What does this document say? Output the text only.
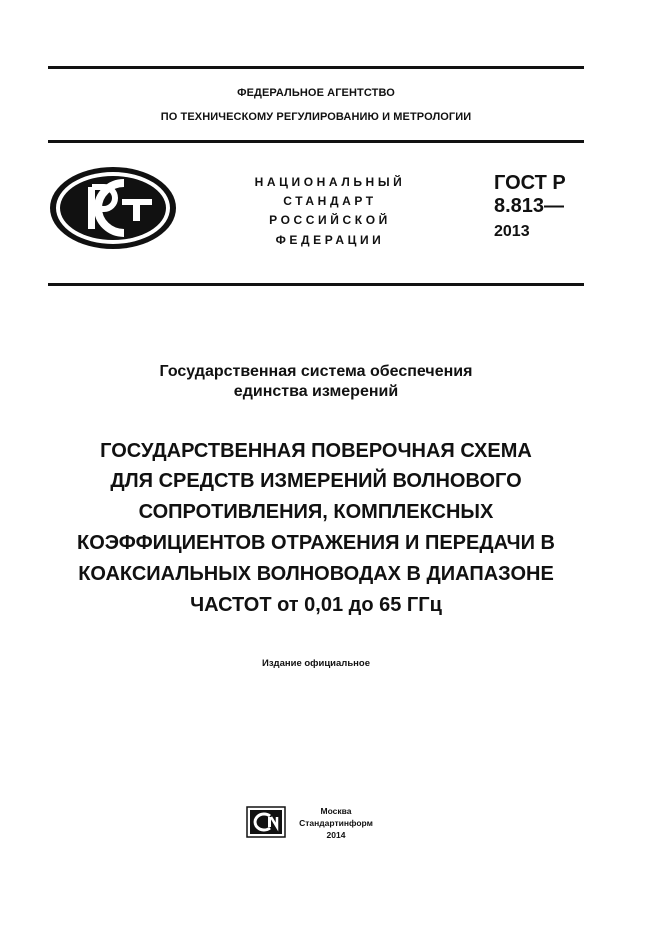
ФЕДЕРАЛЬНОЕ АГЕНТСТВО
ПО ТЕХНИЧЕСКОМУ РЕГУЛИРОВАНИЮ И МЕТРОЛОГИИ
НАЦИОНАЛЬНЫЙ
СТАНДАРТ
РОССИЙСКОЙ
ФЕДЕРАЦИИ
ГОСТ Р
8.813—
2013
Государственная система обеспечения
единства измерений
ГОСУДАРСТВЕННАЯ ПОВЕРОЧНАЯ СХЕМА
ДЛЯ СРЕДСТВ ИЗМЕРЕНИЙ ВОЛНОВОГО
СОПРОТИВЛЕНИЯ, КОМПЛЕКСНЫХ
КОЭФФИЦИЕНТОВ ОТРАЖЕНИЯ И ПЕРЕДАЧИ В
КОАКСИАЛЬНЫХ ВОЛНОВОДАХ В ДИАПАЗОНЕ
ЧАСТОТ от 0,01 до 65 ГГц
Издание официальное
Москва
Стандартинформ
2014
